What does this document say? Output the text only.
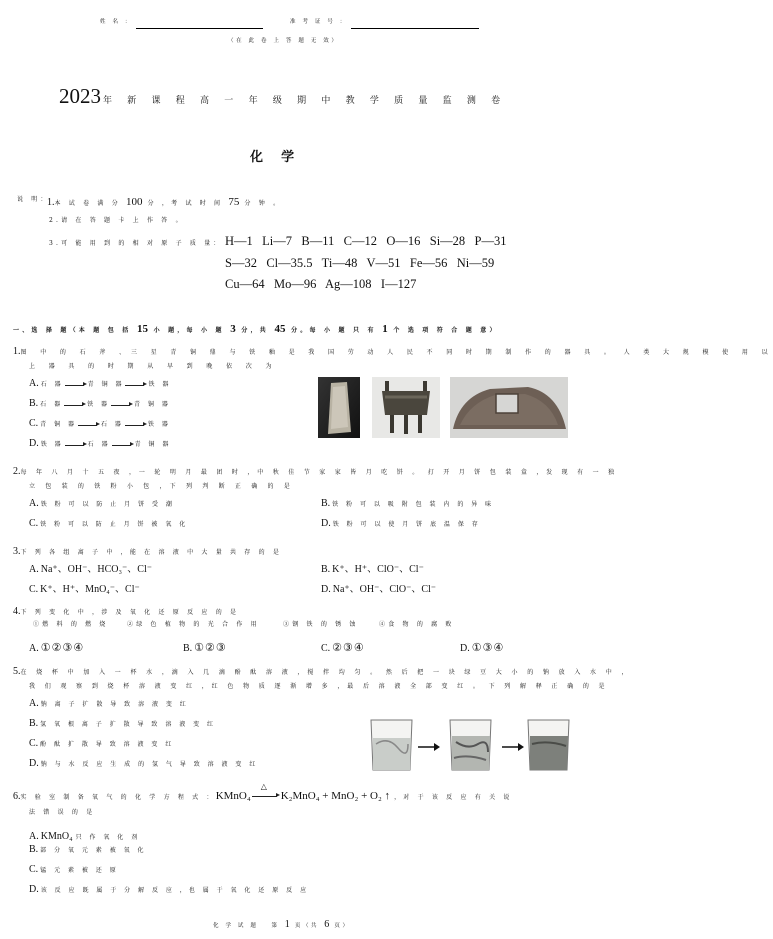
姓 名 ：	准 考 证 号 ：
（在 此 卷 上 答 题 无 效）
2023 年 新 课 程 高 一 年 级 期 中 教 学 质 量 监 测 卷
化    学
说 明：
1.本 试 卷 满 分 100 分 ，考 试 时 间 75 分 钟 。
2.请 在 答 题 卡 上 作 答 。
3.可 能 用 到 的 相 对 原 子 质 量： H—1   Li—7   B—11   C—12   O—16   Si—28   P—31
S—32   Cl—35.5   Ti—48   V—51   Fe—56   Ni—59
Cu—64   Mo—96   Ag—108   I—127
一、选 择 题（本 题 包 括 15 小 题，每 小 题 3 分，共 45 分。每 小 题 只 有 1 个 选 项 符 合 题 意）
1.图 中 的 石 斧 、三 星 青 铜 鼎 与 铁 釉 是 我 国 劳 动 人 民 不 同 时 期 制 作 的 器 具 。 人 类 大 规 模 使 用 以
上 器 具 的 时 期 从 早 到 晚 依 次 为
A. 石 器	青 铜 器	铁 器
B. 石 器	铁 器	青 铜 器
C. 青 铜 器	石 器	铁 器
D. 铁 器	石 器	青 铜 器
2.每 年 八 月 十 五 夜 ，一 轮 明 月 最 团 时 ，中 秋 佳 节 家 家 皆 月 吃 饼 。 打 开 月 饼 包 装 盒 ，发 现 有 一 独
立 包 装 的 铁 粉 小 包 ，下 列 判 断 正 确 的 是
A. 铁 粉 可 以 防 止 月 饼 受 潮	B. 铁 粉 可 以 吸 附 包 装 内 的 异 味
C. 铁 粉 可 以 防 止 月 饼 被 氧 化	D. 铁 粉 可 以 使 月 饼 底 温 保 存
3.下 列 各 组 离 子 中 ，能 在 溶 液 中 大 量 共 存 的 是
A. Na⁺、OH⁻、HCO₃⁻、Cl⁻	B. K⁺、H⁺、ClO⁻、Cl⁻
C. K⁺、H⁺、MnO₄⁻、Cl⁻	D. Na⁺、OH⁻、ClO⁻、Cl⁻
4.下 列 变 化 中 ，涉 及 氧 化 还 原 反 应 的 是
①燃 料 的 燃 烧	②绿 色 植 物 的 光 合 作 用	③钢 铁 的 锈 蚀	④食 物 的 腐 败
A. ①②③④	B. ①②③	C. ②③④	D. ①③④
5.在 烧 杯 中 加 入 一 杯 水 ，滴 入 几 滴 酚 酞 溶 液 ，搅 拌 均 匀 。 然 后 把 一 块 绿 豆 大 小 的 钠 放 入 水 中 ，
我 们 观 察 到 烧 杯 溶 液 变 红 ，红 色 物 质 逐 渐 增 多 ，最 后 溶 液 全 部 变 红 。 下 列 解 释 正 确 的 是
A. 钠 离 子 扩 散 导 致 溶 液 变 红
B. 氢 氧 根 离 子 扩 散 导 致 溶 液 变 红
C. 酚 酞 扩 散 导 致 溶 液 变 红
D. 钠 与 水 反 应 生 成 的 氢 气 导 致 溶 液 变 红
6.实 验 室 制 备 氧 气 的 化 学 方 程 式 ：KMnO₄
△
K₂MnO₄ + MnO₂ + O₂ ↑ ，对 于 该 反 应 有 关 说
法 错 误 的 是
A. KMnO₄ 只 作 氧 化 剂
B. 部 分 氧 元 素 被 氧 化
C. 锰 元 素 被 还 原
D. 该 反 应 既 属 于 分 解 反 应 ，也 属 于 氧 化 还 原 反 应
化 学 试 题 第 1 页（共 6 页）
